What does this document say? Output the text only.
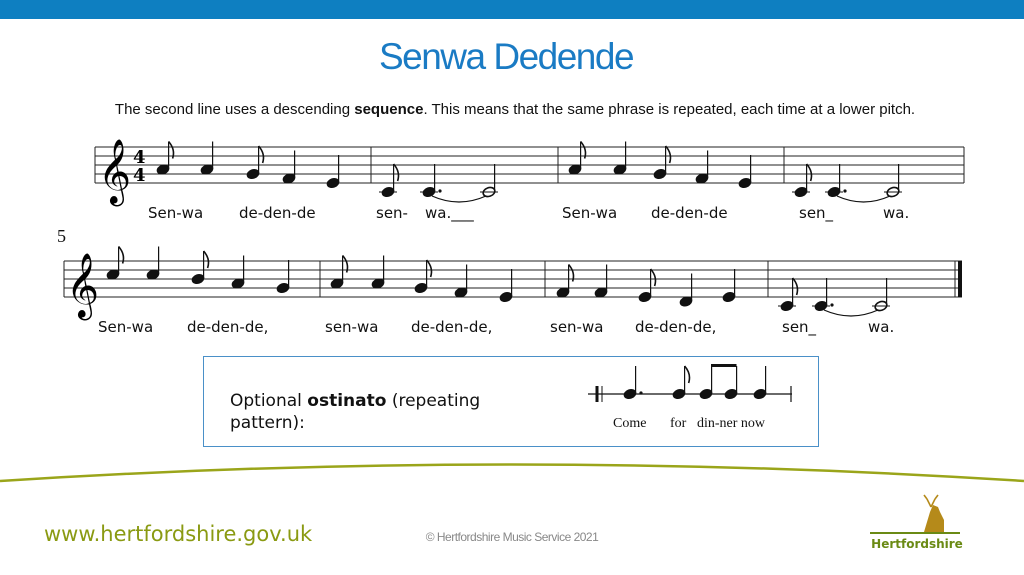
Senwa Dedende
The second line uses a descending sequence. This means that the same phrase is repeated, each time at a lower pitch.
𝄞 4
4
Sen-wa de-den-de	sen- wa.___	Sen-wa de-den-de	sen_	wa.
5
𝄞
Sen-wa de-den-de,	sen-wa de-den-de,	sen-wa de-den-de,	sen_	wa.
Come for din-ner now
Optional ostinato (repeating pattern):
www.hertfordshire.gov.uk	© Hertfordshire Music Service 2021	Hertfordshire
